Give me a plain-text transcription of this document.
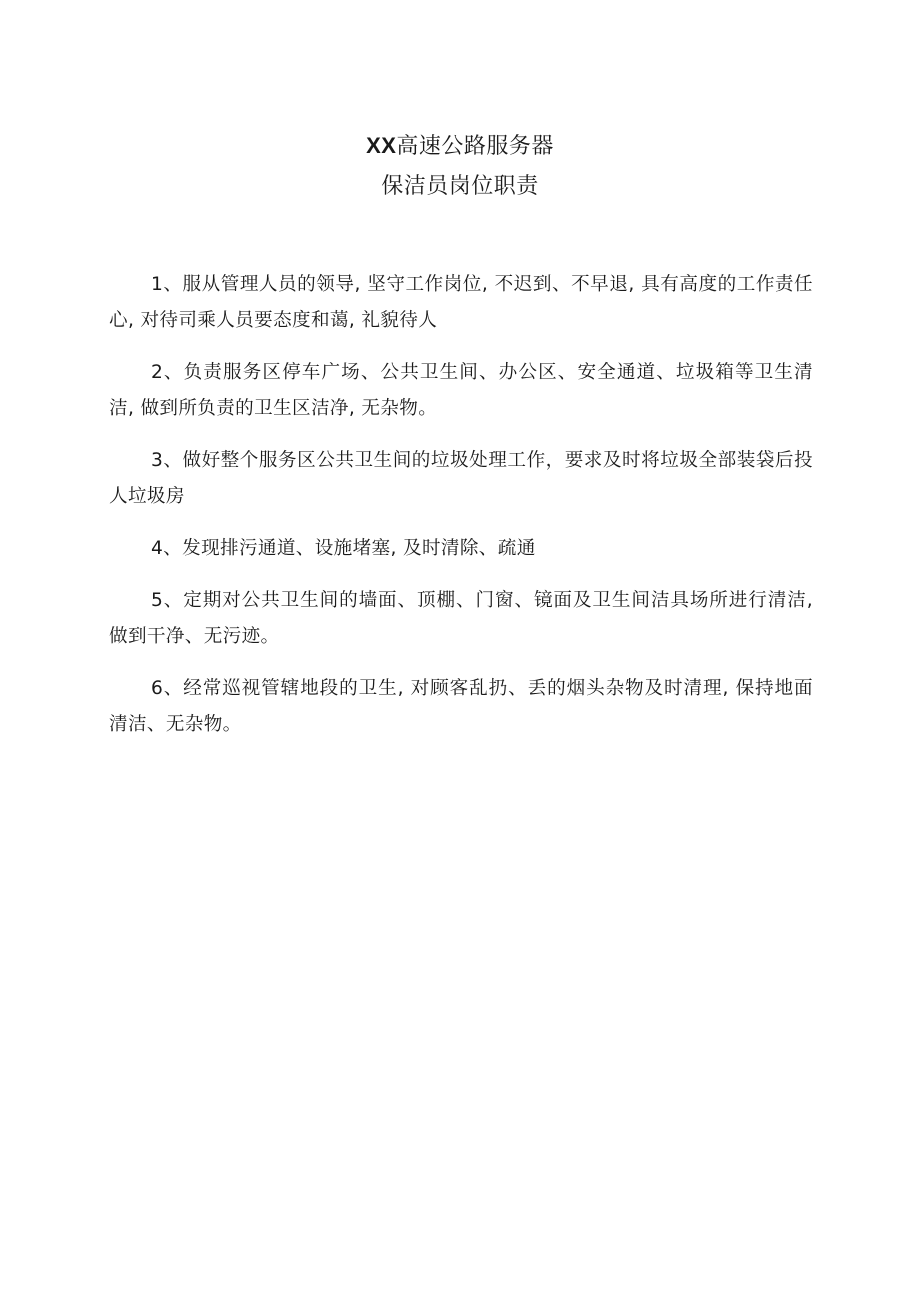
XX高速公路服务器
保洁员岗位职责

1、服从管理人员的领导, 坚守工作岗位, 不迟到、不早退, 具有高度的工作责任心, 对待司乘人员要态度和蔼, 礼貌待人

2、负责服务区停车广场、公共卫生间、办公区、安全通道、垃圾箱等卫生清洁, 做到所负责的卫生区洁净, 无杂物。

3、做好整个服务区公共卫生间的垃圾处理工作，要求及时将垃圾全部装袋后投人垃圾房

4、发现排污通道、设施堵塞, 及时清除、疏通

5、定期对公共卫生间的墙面、顶棚、门窗、镜面及卫生间洁具场所进行清洁, 做到干净、无污迹。

6、经常巡视管辖地段的卫生, 对顾客乱扔、丢的烟头杂物及时清理, 保持地面清洁、无杂物。
